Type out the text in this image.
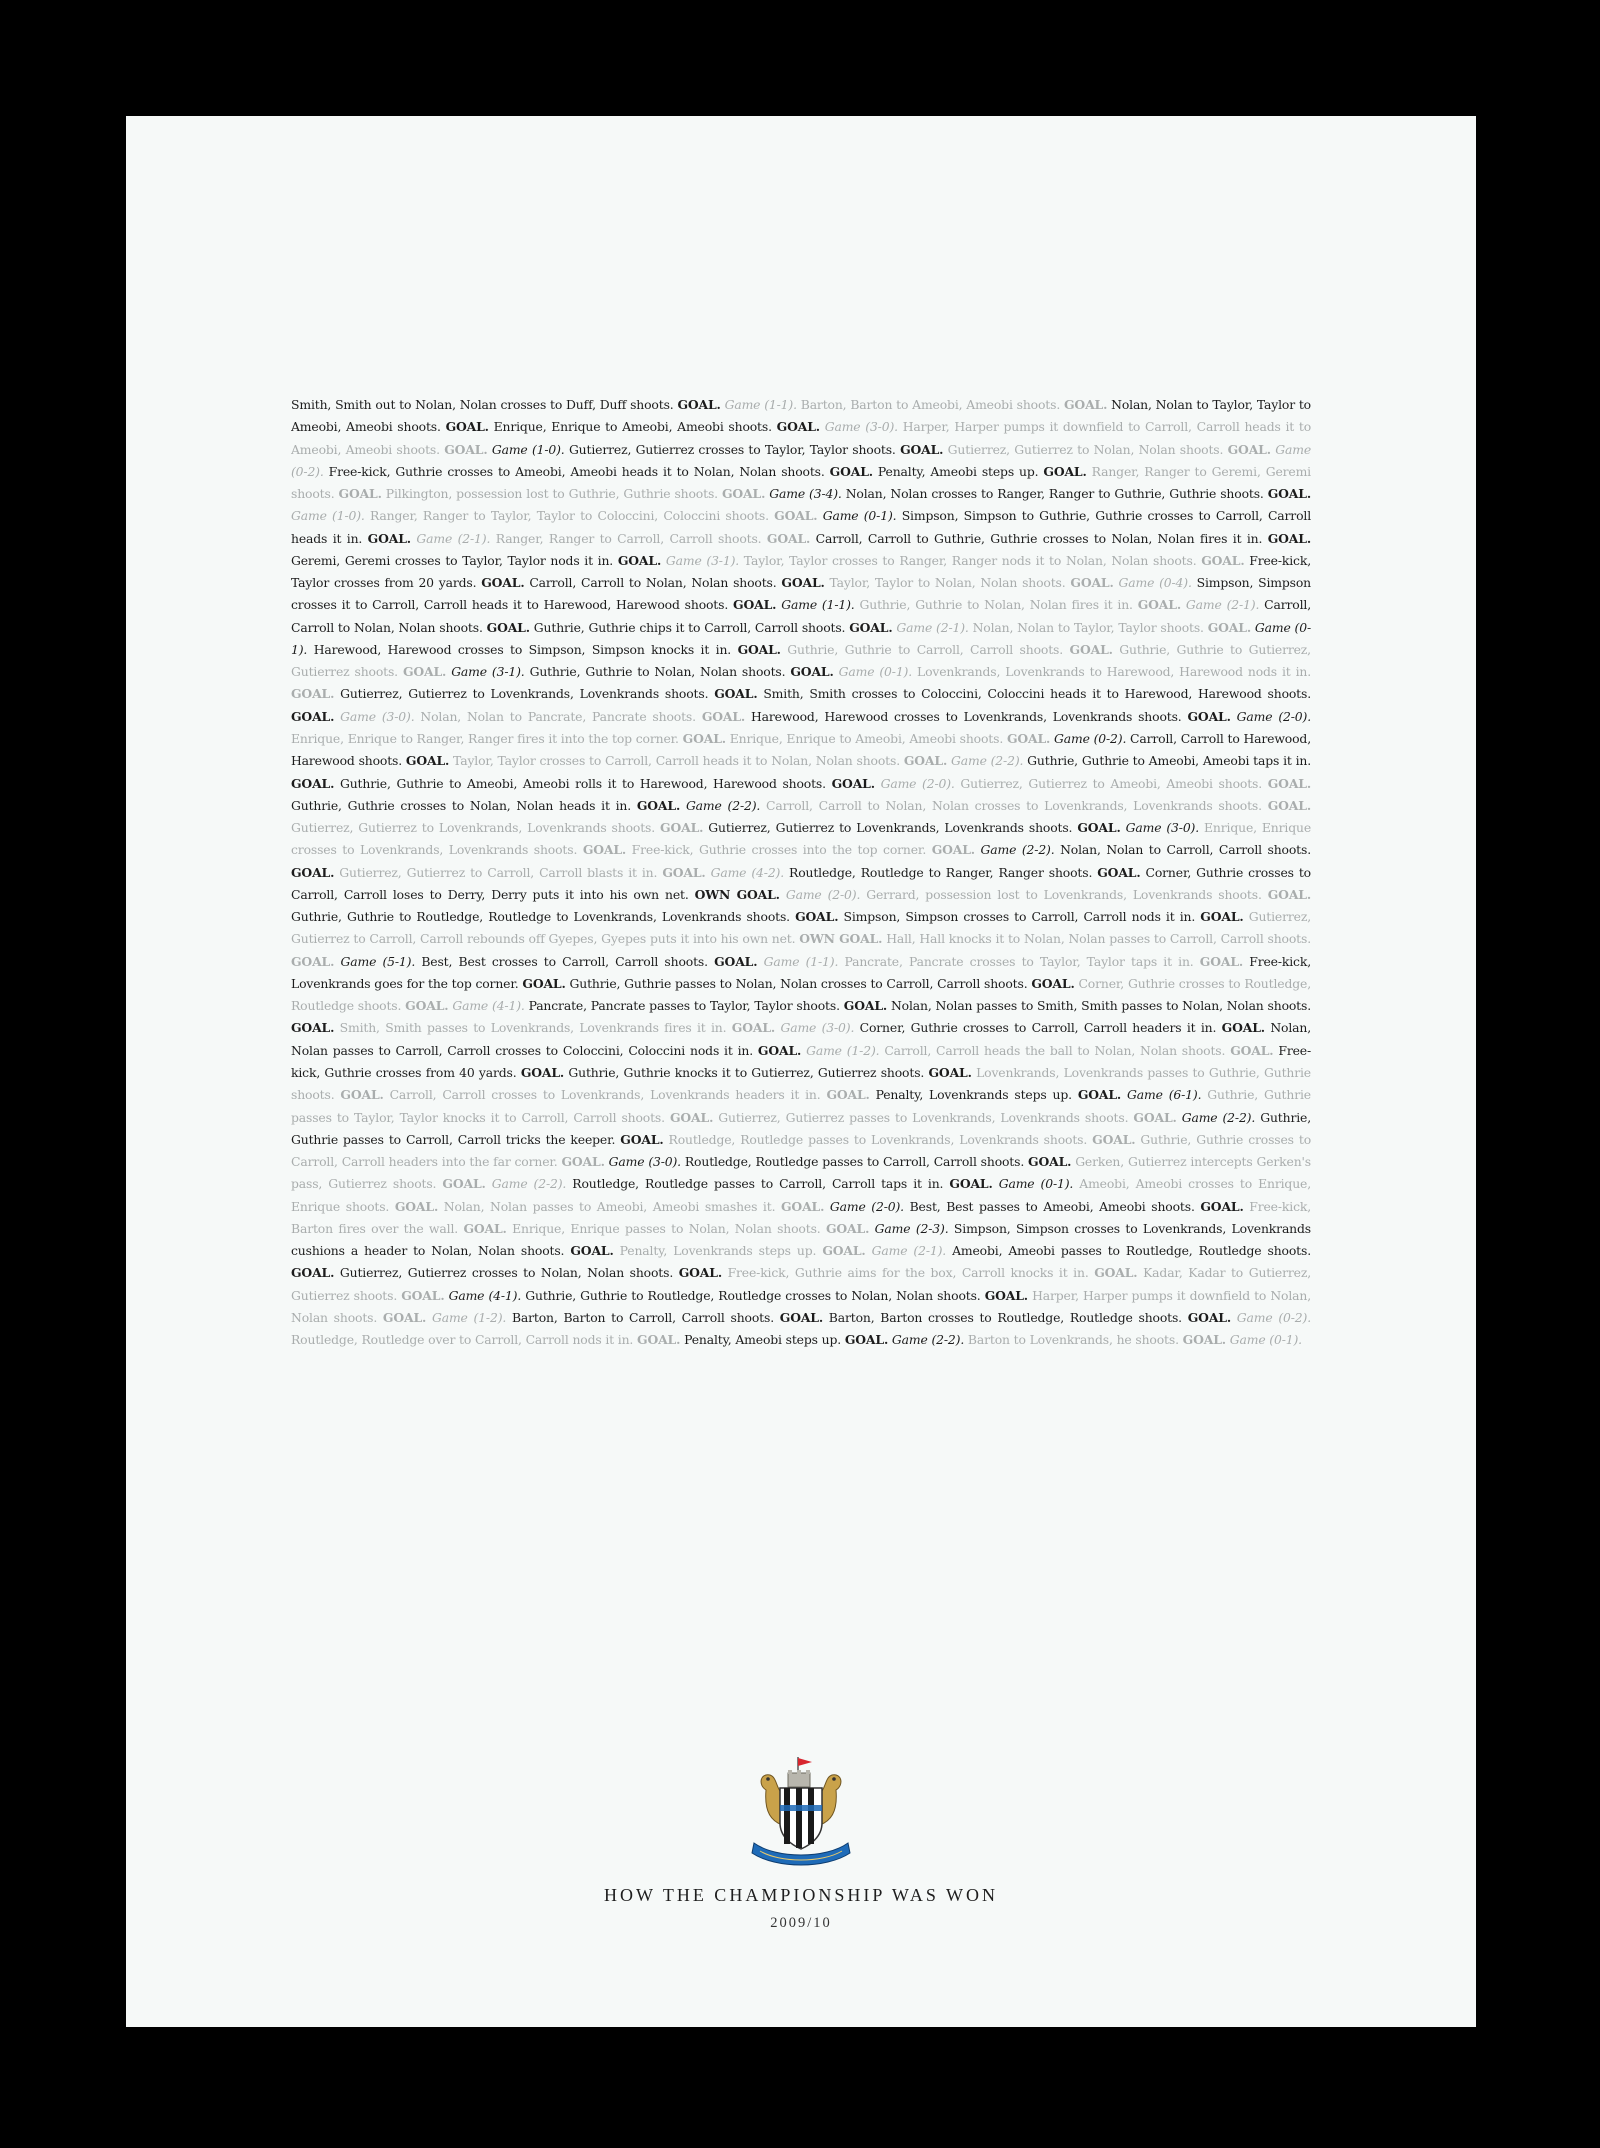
Smith, Smith out to Nolan, Nolan crosses to Duff, Duff shoots. GOAL. Game (1-1). Barton, Barton to Ameobi, Ameobi shoots. GOAL. Nolan, Nolan to Taylor, Taylor to Ameobi, Ameobi shoots. GOAL. Enrique, Enrique to Ameobi, Ameobi shoots. GOAL. Game (3-0). Harper, Harper pumps it downfield to Carroll, Carroll heads it to Ameobi, Ameobi shoots. GOAL. Game (1-0). Gutierrez, Gutierrez crosses to Taylor, Taylor shoots. GOAL. Gutierrez, Gutierrez to Nolan, Nolan shoots. GOAL. Game (0-2). Free-kick, Guthrie crosses to Ameobi, Ameobi heads it to Nolan, Nolan shoots. GOAL. Penalty, Ameobi steps up. GOAL. Ranger, Ranger to Geremi, Geremi shoots. GOAL. Pilkington, possession lost to Guthrie, Guthrie shoots. GOAL. Game (3-4). Nolan, Nolan crosses to Ranger, Ranger to Guthrie, Guthrie shoots. GOAL. Game (1-0). Ranger, Ranger to Taylor, Taylor to Coloccini, Coloccini shoots. GOAL. Game (0-1). Simpson, Simpson to Guthrie, Guthrie crosses to Carroll, Carroll heads it in. GOAL. Game (2-1). Ranger, Ranger to Carroll, Carroll shoots. GOAL. Carroll, Carroll to Guthrie, Guthrie crosses to Nolan, Nolan fires it in. GOAL. Geremi, Geremi crosses to Taylor, Taylor nods it in. GOAL. Game (3-1). Taylor, Taylor crosses to Ranger, Ranger nods it to Nolan, Nolan shoots. GOAL. Free-kick, Taylor crosses from 20 yards. GOAL. Carroll, Carroll to Nolan, Nolan shoots. GOAL. Taylor, Taylor to Nolan, Nolan shoots. GOAL. Game (0-4). Simpson, Simpson crosses it to Carroll, Carroll heads it to Harewood, Harewood shoots. GOAL. Game (1-1). Guthrie, Guthrie to Nolan, Nolan fires it in. GOAL. Game (2-1). Carroll, Carroll to Nolan, Nolan shoots. GOAL. Guthrie, Guthrie chips it to Carroll, Carroll shoots. GOAL. Game (2-1). Nolan, Nolan to Taylor, Taylor shoots. GOAL. Game (0-1). Harewood, Harewood crosses to Simpson, Simpson knocks it in. GOAL. Guthrie, Guthrie to Carroll, Carroll shoots. GOAL. Guthrie, Guthrie to Gutierrez, Gutierrez shoots. GOAL. Game (3-1). Guthrie, Guthrie to Nolan, Nolan shoots. GOAL. Game (0-1). Lovenkrands, Lovenkrands to Harewood, Harewood nods it in. GOAL. Gutierrez, Gutierrez to Lovenkrands, Lovenkrands shoots. GOAL. Smith, Smith crosses to Coloccini, Coloccini heads it to Harewood, Harewood shoots. GOAL. Game (3-0). Nolan, Nolan to Pancrate, Pancrate shoots. GOAL. Harewood, Harewood crosses to Lovenkrands, Lovenkrands shoots. GOAL. Game (2-0). Enrique, Enrique to Ranger, Ranger fires it into the top corner. GOAL. Enrique, Enrique to Ameobi, Ameobi shoots. GOAL. Game (0-2). Carroll, Carroll to Harewood, Harewood shoots. GOAL. Taylor, Taylor crosses to Carroll, Carroll heads it to Nolan, Nolan shoots. GOAL. Game (2-2). Guthrie, Guthrie to Ameobi, Ameobi taps it in. GOAL. Guthrie, Guthrie to Ameobi, Ameobi rolls it to Harewood, Harewood shoots. GOAL. Game (2-0). Gutierrez, Gutierrez to Ameobi, Ameobi shoots. GOAL. Guthrie, Guthrie crosses to Nolan, Nolan heads it in. GOAL. Game (2-2). Carroll, Carroll to Nolan, Nolan crosses to Lovenkrands, Lovenkrands shoots. GOAL. Gutierrez, Gutierrez to Lovenkrands, Lovenkrands shoots. GOAL. Gutierrez, Gutierrez to Lovenkrands, Lovenkrands shoots. GOAL. Game (3-0). Enrique, Enrique crosses to Lovenkrands, Lovenkrands shoots. GOAL. Free-kick, Guthrie crosses into the top corner. GOAL. Game (2-2). Nolan, Nolan to Carroll, Carroll shoots. GOAL. Gutierrez, Gutierrez to Carroll, Carroll blasts it in. GOAL. Game (4-2). Routledge, Routledge to Ranger, Ranger shoots. GOAL. Corner, Guthrie crosses to Carroll, Carroll loses to Derry, Derry puts it into his own net. OWN GOAL. Game (2-0). Gerrard, possession lost to Lovenkrands, Lovenkrands shoots. GOAL. Guthrie, Guthrie to Routledge, Routledge to Lovenkrands, Lovenkrands shoots. GOAL. Simpson, Simpson crosses to Carroll, Carroll nods it in. GOAL. Gutierrez, Gutierrez to Carroll, Carroll rebounds off Gyepes, Gyepes puts it into his own net. OWN GOAL. Hall, Hall knocks it to Nolan, Nolan passes to Carroll, Carroll shoots. GOAL. Game (5-1). Best, Best crosses to Carroll, Carroll shoots. GOAL. Game (1-1). Pancrate, Pancrate crosses to Taylor, Taylor taps it in. GOAL. Free-kick, Lovenkrands goes for the top corner. GOAL. Guthrie, Guthrie passes to Nolan, Nolan crosses to Carroll, Carroll shoots. GOAL. Corner, Guthrie crosses to Routledge, Routledge shoots. GOAL. Game (4-1). Pancrate, Pancrate passes to Taylor, Taylor shoots. GOAL. Nolan, Nolan passes to Smith, Smith passes to Nolan, Nolan shoots. GOAL. Smith, Smith passes to Lovenkrands, Lovenkrands fires it in. GOAL. Game (3-0). Corner, Guthrie crosses to Carroll, Carroll headers it in. GOAL. Nolan, Nolan passes to Carroll, Carroll crosses to Coloccini, Coloccini nods it in. GOAL. Game (1-2). Carroll, Carroll heads the ball to Nolan, Nolan shoots. GOAL. Free-kick, Guthrie crosses from 40 yards. GOAL. Guthrie, Guthrie knocks it to Gutierrez, Gutierrez shoots. GOAL. Lovenkrands, Lovenkrands passes to Guthrie, Guthrie shoots. GOAL. Carroll, Carroll crosses to Lovenkrands, Lovenkrands headers it in. GOAL. Penalty, Lovenkrands steps up. GOAL. Game (6-1). Guthrie, Guthrie passes to Taylor, Taylor knocks it to Carroll, Carroll shoots. GOAL. Gutierrez, Gutierrez passes to Lovenkrands, Lovenkrands shoots. GOAL. Game (2-2). Guthrie, Guthrie passes to Carroll, Carroll tricks the keeper. GOAL. Routledge, Routledge passes to Lovenkrands, Lovenkrands shoots. GOAL. Guthrie, Guthrie crosses to Carroll, Carroll headers into the far corner. GOAL. Game (3-0). Routledge, Routledge passes to Carroll, Carroll shoots. GOAL. Gerken, Gutierrez intercepts Gerken's pass, Gutierrez shoots. GOAL. Game (2-2). Routledge, Routledge passes to Carroll, Carroll taps it in. GOAL. Game (0-1). Ameobi, Ameobi crosses to Enrique, Enrique shoots. GOAL. Nolan, Nolan passes to Ameobi, Ameobi smashes it. GOAL. Game (2-0). Best, Best passes to Ameobi, Ameobi shoots. GOAL. Free-kick, Barton fires over the wall. GOAL. Enrique, Enrique passes to Nolan, Nolan shoots. GOAL. Game (2-3). Simpson, Simpson crosses to Lovenkrands, Lovenkrands cushions a header to Nolan, Nolan shoots. GOAL. Penalty, Lovenkrands steps up. GOAL. Game (2-1). Ameobi, Ameobi passes to Routledge, Routledge shoots. GOAL. Gutierrez, Gutierrez crosses to Nolan, Nolan shoots. GOAL. Free-kick, Guthrie aims for the box, Carroll knocks it in. GOAL. Kadar, Kadar to Gutierrez, Gutierrez shoots. GOAL. Game (4-1). Guthrie, Guthrie to Routledge, Routledge crosses to Nolan, Nolan shoots. GOAL. Harper, Harper pumps it downfield to Nolan, Nolan shoots. GOAL. Game (1-2). Barton, Barton to Carroll, Carroll shoots. GOAL. Barton, Barton crosses to Routledge, Routledge shoots. GOAL. Game (0-2). Routledge, Routledge over to Carroll, Carroll nods it in. GOAL. Penalty, Ameobi steps up. GOAL. Game (2-2). Barton to Lovenkrands, he shoots. GOAL. Game (0-1).

HOW THE CHAMPIONSHIP WAS WON

2009/10
